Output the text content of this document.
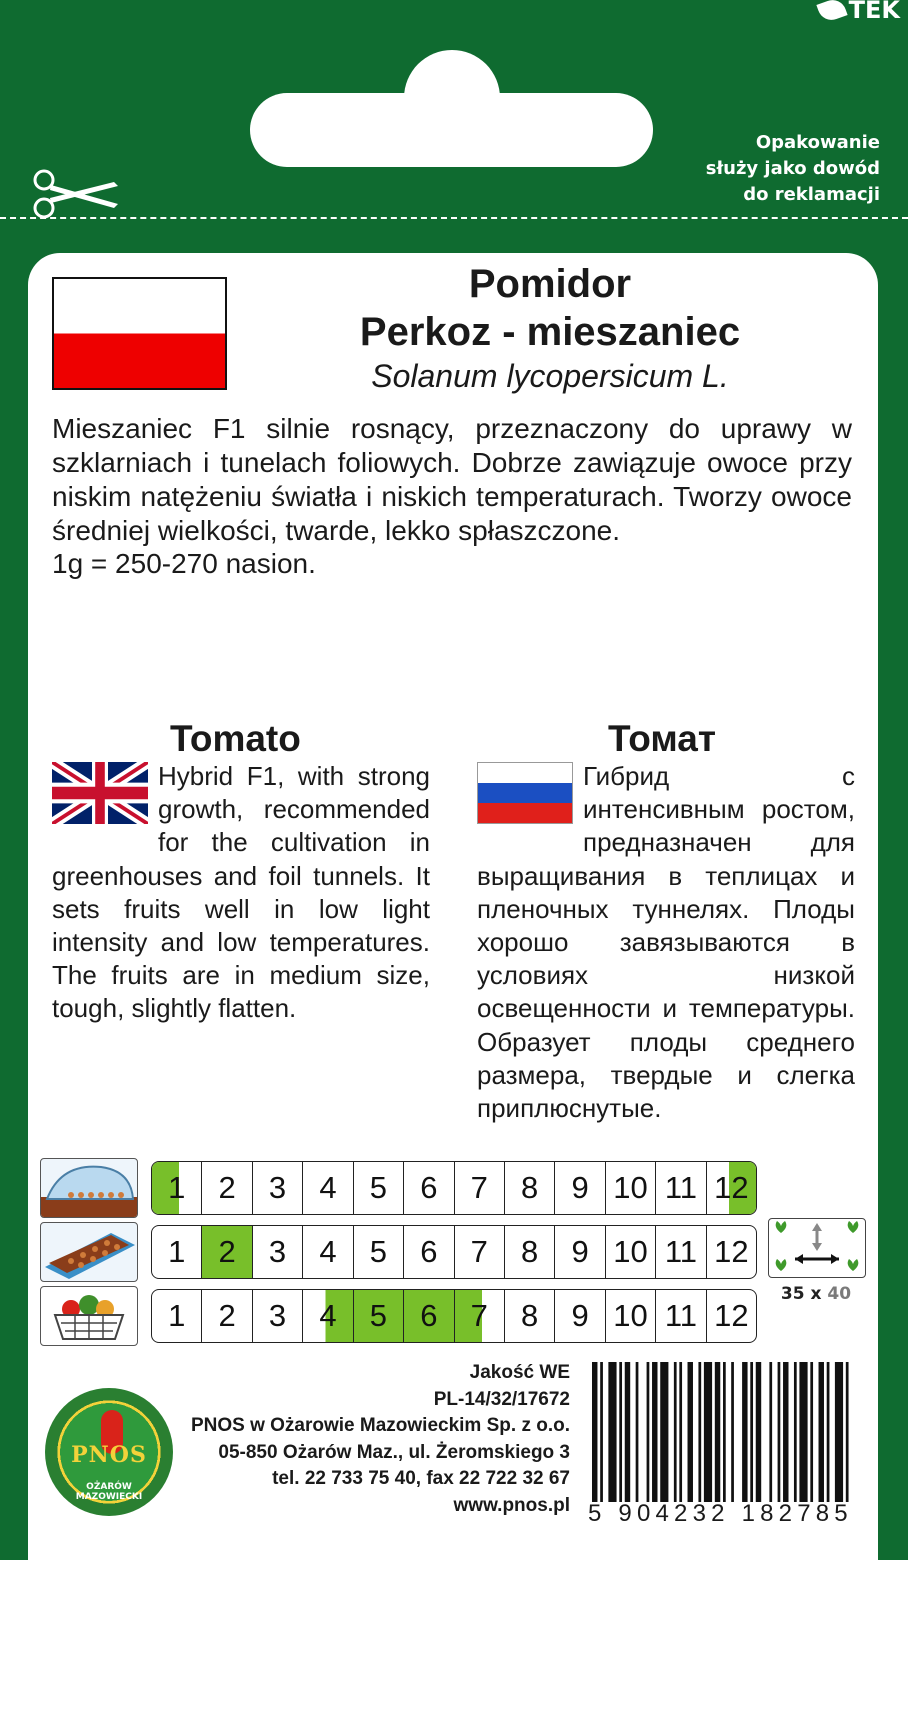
TEK
Opakowanie
służy jako dowód
do reklamacji
Pomidor
Perkoz - mieszaniec
Solanum lycopersicum L.
Mieszaniec F1 silnie rosnący, przeznaczony do uprawy w szklarniach i tunelach foliowych. Dobrze zawiązuje owoce przy niskim natężeniu światła i niskich temperaturach. Tworzy owoce średniej wielkości, twarde, lekko spłaszczone.
1g = 250-270 nasion.
Tomato	Томат
Hybrid F1, with strong growth, recommended for the cultivation in greenhouses and foil tunnels. It sets fruits well in low light intensity and low temperatures. The fruits are in medium size, tough, slightly flatten.
Гибрид с интенсивным ростом, предназначен для выращивания в теплицах и пленочных туннелях. Плоды хорошо завязываются в условиях низкой освещенности и температуры. Образует плоды среднего размера, твердые и слегка приплюснутые.
1	2	3	4	5	6	7	8	9 10 11 12
1	2	3	4	5	6	7	8	9 10 11 12
1	2	3	4	5	6	7	8	9 10 11 12
35 x 40
PNOS
OŻARÓW MAZOWIECKI
Jakość WE
PL-14/32/17672
PNOS w Ożarowie Mazowieckim Sp. z o.o.
05-850 Ożarów Maz., ul. Żeromskiego 3
tel. 22 733 75 40, fax 22 722 32 67
www.pnos.pl 5 904232 182785
